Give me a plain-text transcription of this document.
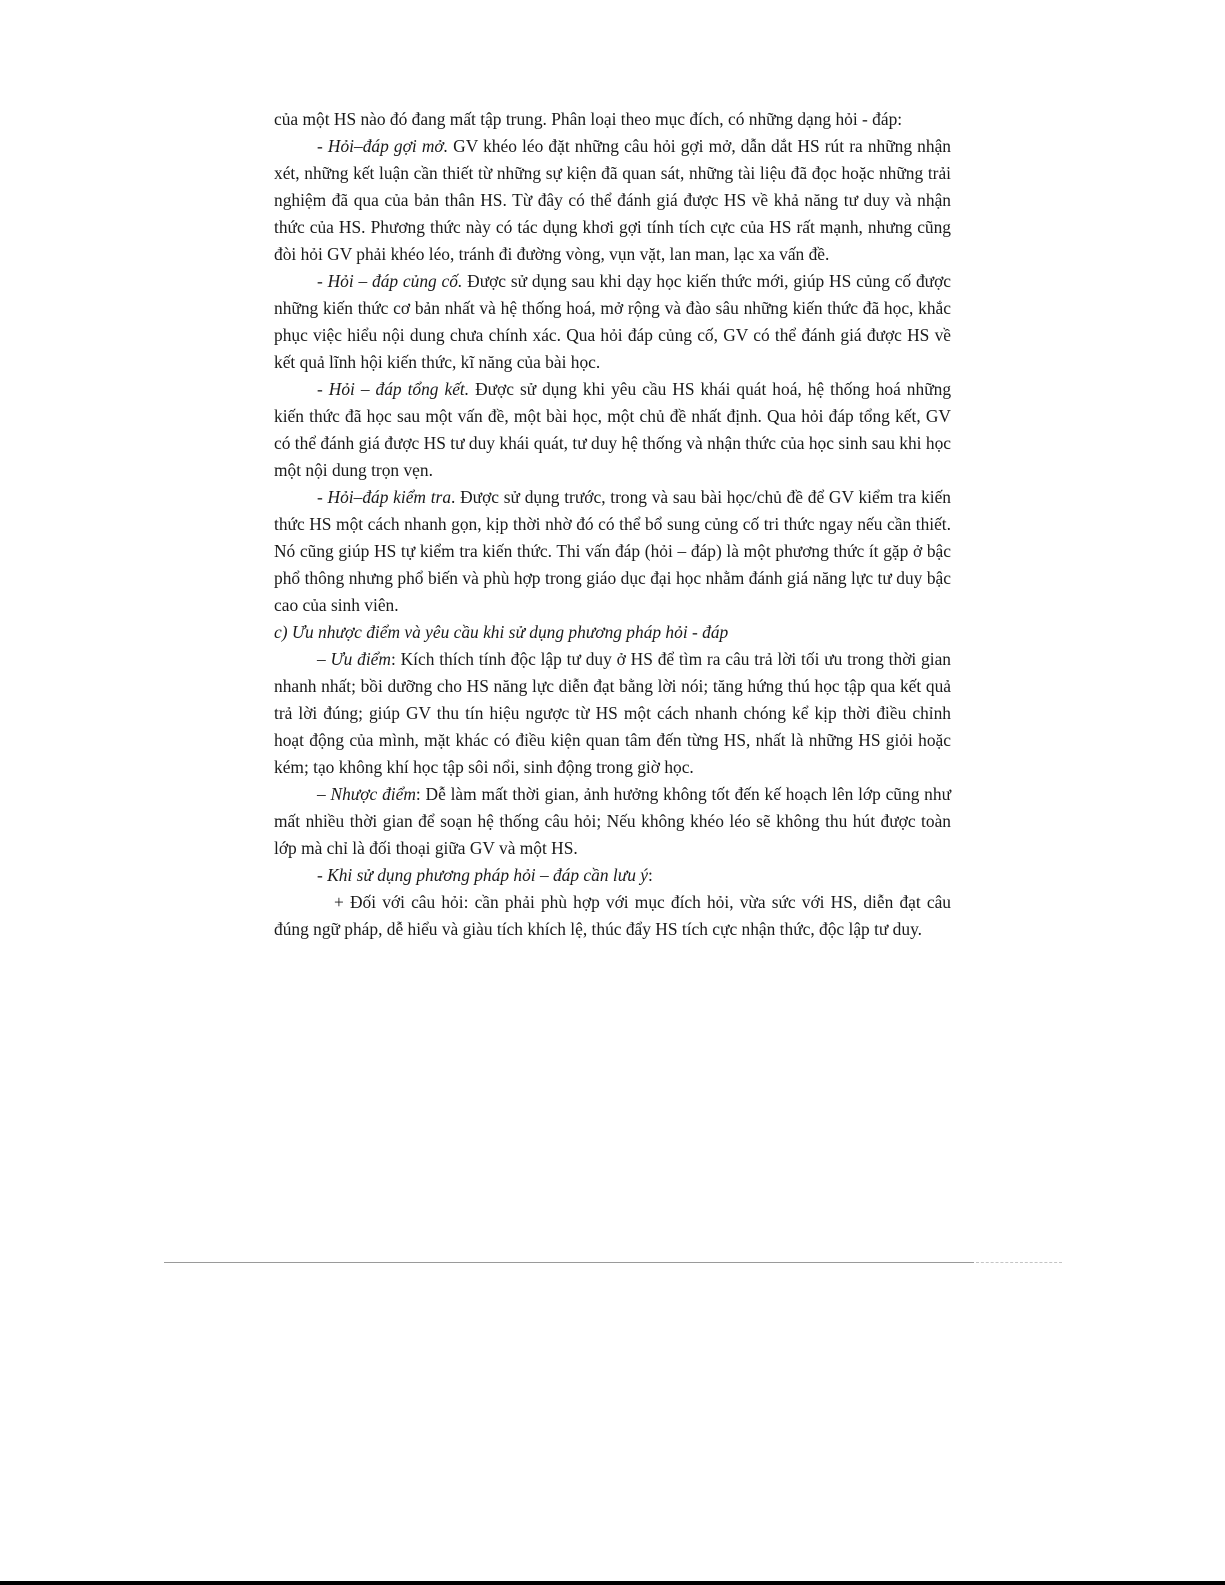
của một HS nào đó đang mất tập trung. Phân loại theo mục đích, có những dạng hỏi - đáp:

- Hỏi–đáp gợi mở. GV khéo léo đặt những câu hỏi gợi mở, dẫn dắt HS rút ra những nhận xét, những kết luận cần thiết từ những sự kiện đã quan sát, những tài liệu đã đọc hoặc những trải nghiệm đã qua của bản thân HS. Từ đây có thể đánh giá được HS về khả năng tư duy và nhận thức của HS. Phương thức này có tác dụng khơi gợi tính tích cực của HS rất mạnh, nhưng cũng đòi hỏi GV phải khéo léo, tránh đi đường vòng, vụn vặt, lan man, lạc xa vấn đề.

- Hỏi – đáp củng cố. Được sử dụng sau khi dạy học kiến thức mới, giúp HS củng cố được những kiến thức cơ bản nhất và hệ thống hoá, mở rộng và đào sâu những kiến thức đã học, khắc phục việc hiểu nội dung chưa chính xác. Qua hỏi đáp củng cố, GV có thể đánh giá được HS về kết quả lĩnh hội kiến thức, kĩ năng của bài học.

- Hỏi – đáp tổng kết. Được sử dụng khi yêu cầu HS khái quát hoá, hệ thống hoá những kiến thức đã học sau một vấn đề, một bài học, một chủ đề nhất định. Qua hỏi đáp tổng kết, GV có thể đánh giá được HS tư duy khái quát, tư duy hệ thống và nhận thức của học sinh sau khi học một nội dung trọn vẹn.

- Hỏi–đáp kiểm tra. Được sử dụng trước, trong và sau bài học/chủ đề để GV kiểm tra kiến thức HS một cách nhanh gọn, kịp thời nhờ đó có thể bổ sung củng cố tri thức ngay nếu cần thiết. Nó cũng giúp HS tự kiểm tra kiến thức. Thi vấn đáp (hỏi – đáp) là một phương thức ít gặp ở bậc phổ thông nhưng phổ biến và phù hợp trong giáo dục đại học nhằm đánh giá năng lực tư duy bậc cao của sinh viên.

c) Ưu nhược điểm và yêu cầu khi sử dụng phương pháp hỏi - đáp

– Ưu điểm: Kích thích tính độc lập tư duy ở HS để tìm ra câu trả lời tối ưu trong thời gian nhanh nhất; bồi dưỡng cho HS năng lực diễn đạt bằng lời nói; tăng hứng thú học tập qua kết quả trả lời đúng; giúp GV thu tín hiệu ngược từ HS một cách nhanh chóng kể kịp thời điều chỉnh hoạt động của mình, mặt khác có điều kiện quan tâm đến từng HS, nhất là những HS giỏi hoặc kém; tạo không khí học tập sôi nổi, sinh động trong giờ học.

– Nhược điểm: Dễ làm mất thời gian, ảnh hưởng không tốt đến kế hoạch lên lớp cũng như mất nhiều thời gian để soạn hệ thống câu hỏi; Nếu không khéo léo sẽ không thu hút được toàn lớp mà chỉ là đối thoại giữa GV và một HS.

- Khi sử dụng phương pháp hỏi – đáp cần lưu ý:

+ Đối với câu hỏi: cần phải phù hợp với mục đích hỏi, vừa sức với HS, diễn đạt câu đúng ngữ pháp, dễ hiểu và giàu tích khích lệ, thúc đẩy HS tích cực nhận thức, độc lập tư duy.
